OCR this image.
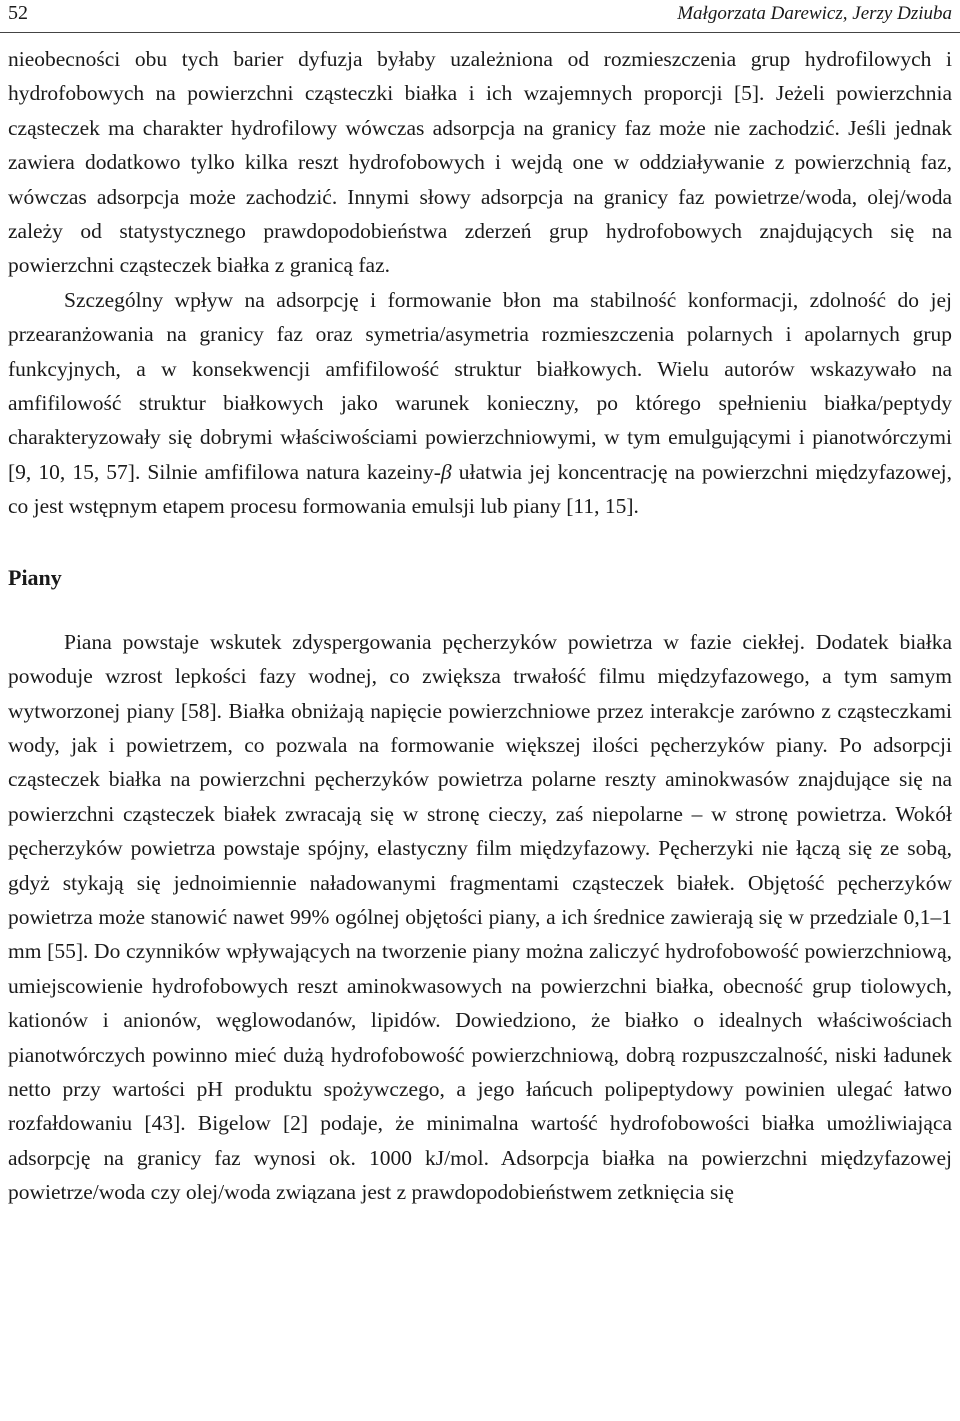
52	Małgorzata Darewicz, Jerzy Dziuba

nieobecności obu tych barier dyfuzja byłaby uzależniona od rozmieszczenia grup hydrofilowych i hydrofobowych na powierzchni cząsteczki białka i ich wzajemnych proporcji [5]. Jeżeli powierzchnia cząsteczek ma charakter hydrofilowy wówczas adsorpcja na granicy faz może nie zachodzić. Jeśli jednak zawiera dodatkowo tylko kilka reszt hydrofobowych i wejdą one w oddziaływanie z powierzchnią faz, wówczas adsorpcja może zachodzić. Innymi słowy adsorpcja na granicy faz powietrze/woda, olej/woda zależy od statystycznego prawdopodobieństwa zderzeń grup hydrofobowych znajdujących się na powierzchni cząsteczek białka z granicą faz.

Szczególny wpływ na adsorpcję i formowanie błon ma stabilność konformacji, zdolność do jej przearanżowania na granicy faz oraz symetria/asymetria rozmieszczenia polarnych i apolarnych grup funkcyjnych, a w konsekwencji amfifilowość struktur białkowych. Wielu autorów wskazywało na amfifilowość struktur białkowych jako warunek konieczny, po którego spełnieniu białka/peptydy charakteryzowały się dobrymi właściwościami powierzchniowymi, w tym emulgującymi i pianotwórczymi [9, 10, 15, 57]. Silnie amfifilowa natura kazeiny-β ułatwia jej koncentrację na powierzchni międzyfazowej, co jest wstępnym etapem procesu formowania emulsji lub piany [11, 15].

Piany

Piana powstaje wskutek zdyspergowania pęcherzyków powietrza w fazie ciekłej. Dodatek białka powoduje wzrost lepkości fazy wodnej, co zwiększa trwałość filmu międzyfazowego, a tym samym wytworzonej piany [58]. Białka obniżają napięcie powierzchniowe przez interakcje zarówno z cząsteczkami wody, jak i powietrzem, co pozwala na formowanie większej ilości pęcherzyków piany. Po adsorpcji cząsteczek białka na powierzchni pęcherzyków powietrza polarne reszty aminokwasów znajdujące się na powierzchni cząsteczek białek zwracają się w stronę cieczy, zaś niepolarne – w stronę powietrza. Wokół pęcherzyków powietrza powstaje spójny, elastyczny film międzyfazowy. Pęcherzyki nie łączą się ze sobą, gdyż stykają się jednoimiennie naładowanymi fragmentami cząsteczek białek. Objętość pęcherzyków powietrza może stanowić nawet 99% ogólnej objętości piany, a ich średnice zawierają się w przedziale 0,1–1 mm [55]. Do czynników wpływających na tworzenie piany można zaliczyć hydrofobowość powierzchniową, umiejscowienie hydrofobowych reszt aminokwasowych na powierzchni białka, obecność grup tiolowych, kationów i anionów, węglowodanów, lipidów. Dowiedziono, że białko o idealnych właściwościach pianotwórczych powinno mieć dużą hydrofobowość powierzchniową, dobrą rozpuszczalność, niski ładunek netto przy wartości pH produktu spożywczego, a jego łańcuch polipeptydowy powinien ulegać łatwo rozfałdowaniu [43]. Bigelow [2] podaje, że minimalna wartość hydrofobowości białka umożliwiająca adsorpcję na granicy faz wynosi ok. 1000 kJ/mol. Adsorpcja białka na powierzchni międzyfazowej powietrze/woda czy olej/woda związana jest z prawdopodobieństwem zetknięcia się
